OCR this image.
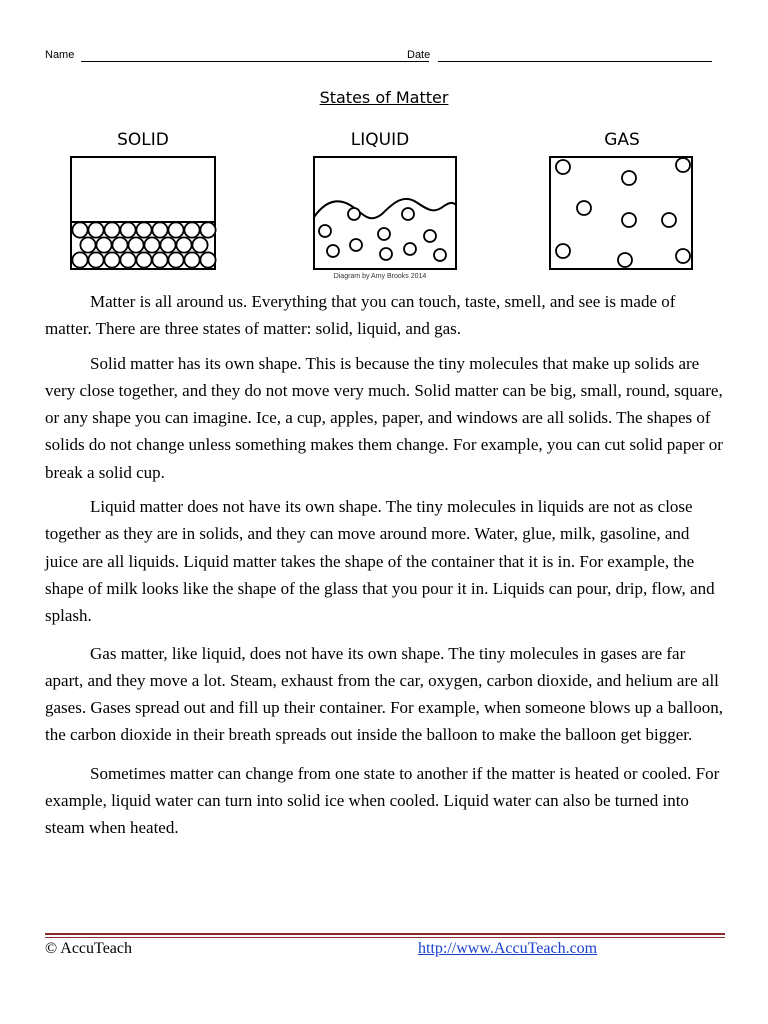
Name	Date
States of Matter
SOLID	LIQUID	GAS
Diagram by Amy Brooks 2014

Matter is all around us. Everything that you can touch, taste, smell, and see is made of matter. There are three states of matter: solid, liquid, and gas.

Solid matter has its own shape. This is because the tiny molecules that make up solids are very close together, and they do not move very much. Solid matter can be big, small, round, square, or any shape you can imagine. Ice, a cup, apples, paper, and windows are all solids. The shapes of solids do not change unless something makes them change. For example, you can cut solid paper or break a solid cup.

Liquid matter does not have its own shape. The tiny molecules in liquids are not as close together as they are in solids, and they can move around more. Water, glue, milk, gasoline, and juice are all liquids. Liquid matter takes the shape of the container that it is in. For example, the shape of milk looks like the shape of the glass that you pour it in. Liquids can pour, drip, flow, and splash.

Gas matter, like liquid, does not have its own shape. The tiny molecules in gases are far apart, and they move a lot. Steam, exhaust from the car, oxygen, carbon dioxide, and helium are all gases. Gases spread out and fill up their container. For example, when someone blows up a balloon, the carbon dioxide in their breath spreads out inside the balloon to make the balloon get bigger.

Sometimes matter can change from one state to another if the matter is heated or cooled. For example, liquid water can turn into solid ice when cooled. Liquid water can also be turned into steam when heated.

© AccuTeach	http://www.AccuTeach.com
